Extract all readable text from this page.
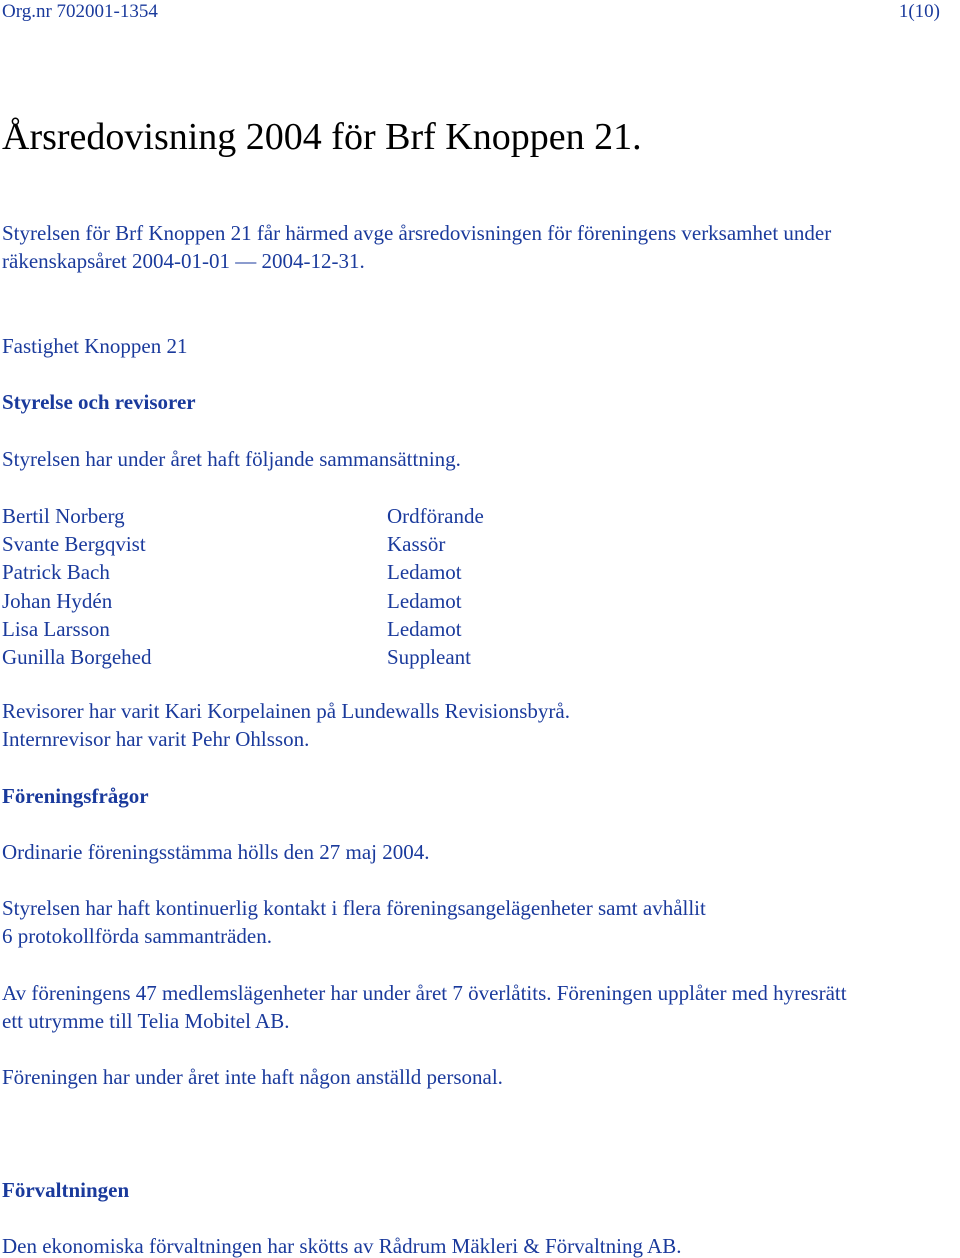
Org.nr 702001-1354	1(10)
Årsredovisning 2004 för Brf Knoppen 21.
Styrelsen för Brf Knoppen 21 får härmed avge årsredovisningen för föreningens verksamhet under
räkenskapsåret 2004-01-01 — 2004-12-31.
Fastighet Knoppen 21
Styrelse och revisorer
Styrelsen har under året haft följande sammansättning.
Bertil Norberg
Svante Bergqvist
Patrick Bach
Johan Hydén
Lisa Larsson
Gunilla Borgehed
Ordförande
Kassör
Ledamot
Ledamot
Ledamot
Suppleant
Revisorer har varit Kari Korpelainen på Lundewalls Revisionsbyrå.
Internrevisor har varit Pehr Ohlsson.
Föreningsfrågor
Ordinarie föreningsstämma hölls den 27 maj 2004.
Styrelsen har haft kontinuerlig kontakt i flera föreningsangelägenheter samt avhållit
6 protokollförda sammanträden.
Av föreningens 47 medlemslägenheter har under året 7 överlåtits. Föreningen upplåter med hyresrätt
ett utrymme till Telia Mobitel AB.
Föreningen har under året inte haft någon anställd personal.
Förvaltningen
Den ekonomiska förvaltningen har skötts av Rådrum Mäkleri & Förvaltning AB.
